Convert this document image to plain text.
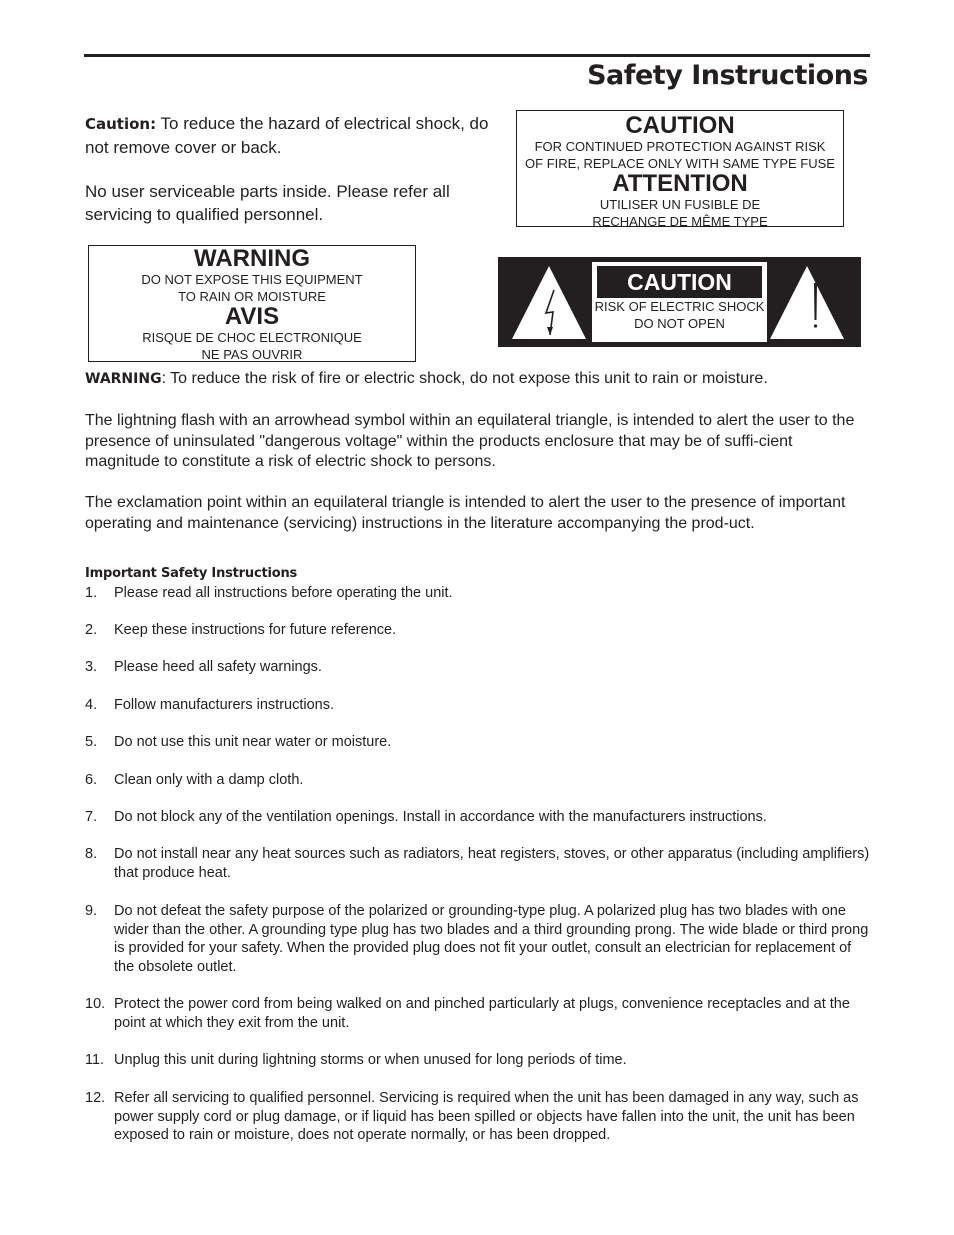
Safety Instructions

Caution: To reduce the hazard of electrical shock, do not remove cover or back.

No user serviceable parts inside. Please refer all servicing to qualified personnel.

CAUTION
FOR CONTINUED PROTECTION AGAINST RISK
OF FIRE, REPLACE ONLY WITH SAME TYPE FUSE
ATTENTION
UTILISER UN FUSIBLE DE
RECHANGE DE MÊME TYPE
WARNING
DO NOT EXPOSE THIS EQUIPMENT
TO RAIN OR MOISTURE
AVIS
RISQUE DE CHOC ELECTRONIQUE
NE PAS OUVRIR
CAUTION
RISK OF ELECTRIC SHOCK
DO NOT OPEN

WARNING: To reduce the risk of fire or electric shock, do not expose this unit to rain or moisture.

The lightning flash with an arrowhead symbol within an equilateral triangle, is intended to alert the user to the presence of uninsulated "dangerous voltage" within the products enclosure that may be of suffi-cient magnitude to constitute a risk of electric shock to persons.

The exclamation point within an equilateral triangle is intended to alert the user to the presence of important operating and maintenance (servicing) instructions in the literature accompanying the prod-uct.

Important Safety Instructions
1.	Please read all instructions before operating the unit.
2.	Keep these instructions for future reference.
3.	Please heed all safety warnings.
4.	Follow manufacturers instructions.
5.	Do not use this unit near water or moisture.
6.	Clean only with a damp cloth.
7.	Do not block any of the ventilation openings. Install in accordance with the manufacturers instructions.
8.	Do not install near any heat sources such as radiators, heat registers, stoves, or other apparatus (including amplifiers) that produce heat.
9.	Do not defeat the safety purpose of the polarized or grounding-type plug. A polarized plug has two blades with one wider than the other. A grounding type plug has two blades and a third grounding prong. The wide blade or third prong is provided for your safety. When the provided plug does not fit your outlet, consult an electrician for replacement of the obsolete outlet.
10. Protect the power cord from being walked on and pinched particularly at plugs, convenience receptacles and at the point at which they exit from the unit.
11. Unplug this unit during lightning storms or when unused for long periods of time.
12. Refer all servicing to qualified personnel. Servicing is required when the unit has been damaged in any way, such as power supply cord or plug damage, or if liquid has been spilled or objects have fallen into the unit, the unit has been exposed to rain or moisture, does not operate normally, or has been dropped.
